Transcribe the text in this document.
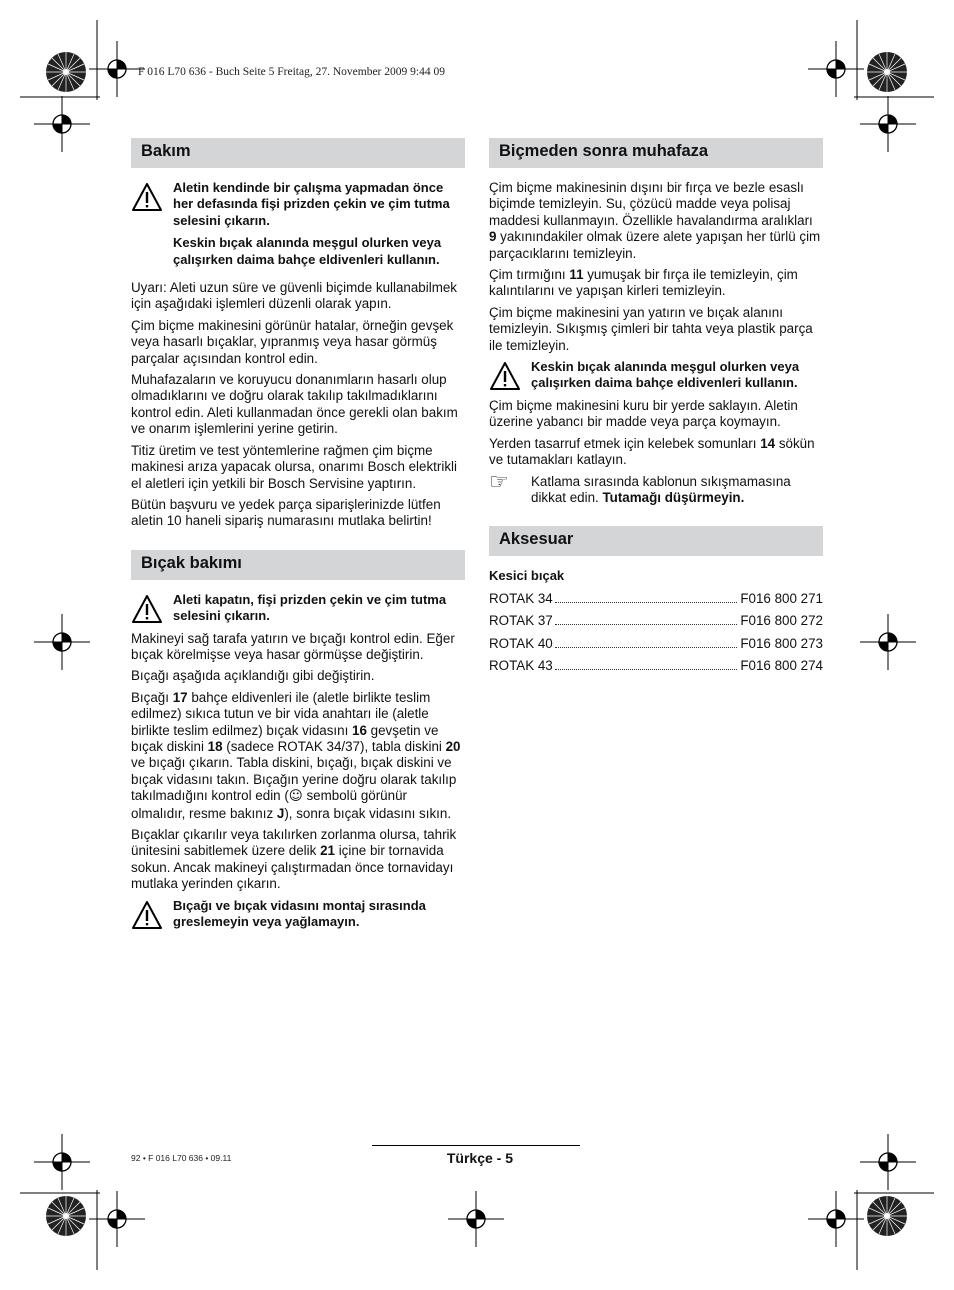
F 016 L70 636 - Buch Seite 5 Freitag, 27. November 2009 9:44 09
Bakım

Aletin kendinde bir çalışma yapmadan önce her defasında fişi prizden çekin ve çim tutma selesini çıkarın.

Keskin bıçak alanında meşgul olurken veya çalışırken daima bahçe eldivenleri kullanın.

Uyarı: Aleti uzun süre ve güvenli biçimde kullanabilmek için aşağıdaki işlemleri düzenli olarak yapın.

Çim biçme makinesini görünür hatalar, örneğin gevşek veya hasarlı bıçaklar, yıpranmış veya hasar görmüş parçalar açısından kontrol edin.

Muhafazaların ve koruyucu donanımların hasarlı olup olmadıklarını ve doğru olarak takılıp takılmadıklarını kontrol edin. Aleti kullanmadan önce gerekli olan bakım ve onarım işlemlerini yerine getirin.

Titiz üretim ve test yöntemlerine rağmen çim biçme makinesi arıza yapacak olursa, onarımı Bosch elektrikli el aletleri için yetkili bir Bosch Servisine yaptırın.

Bütün başvuru ve yedek parça siparişlerinizde lütfen aletin 10 haneli sipariş numarasını mutlaka belirtin!

Bıçak bakımı
Aleti kapatın, fişi prizden çekin ve çim tutma selesini çıkarın.

Makineyi sağ tarafa yatırın ve bıçağı kontrol edin. Eğer bıçak körelmişse veya hasar görmüşse değiştirin.

Bıçağı aşağıda açıklandığı gibi değiştirin.

Bıçağı 17 bahçe eldivenleri ile (aletle birlikte teslim edilmez) sıkıca tutun ve bir vida anahtarı ile (aletle birlikte teslim edilmez) bıçak vidasını 16 gevşetin ve bıçak diskini 18 (sadece ROTAK 34/37), tabla diskini 20 ve bıçağı çıkarın. Tabla diskini, bıçağı, bıçak diskini ve bıçak vidasını takın. Bıçağın yerine doğru olarak takılıp takılmadığını kontrol edin (☺ sembolü görünür olmalıdır, resme bakınız J), sonra bıçak vidasını sıkın.

Bıçaklar çıkarılır veya takılırken zorlanma olursa, tahrik ünitesini sabitlemek üzere delik 21 içine bir tornavida sokun. Ancak makineyi çalıştırmadan önce tornavidayı mutlaka yerinden çıkarın.

Bıçağı ve bıçak vidasını montaj sırasında greslemeyin veya yağlamayın.
Biçmeden sonra muhafaza

Çim biçme makinesinin dışını bir fırça ve bezle esaslı biçimde temizleyin. Su, çözücü madde veya polisaj maddesi kullanmayın. Özellikle havalandırma aralıkları 9 yakınındakiler olmak üzere alete yapışan her türlü çim parçacıklarını temizleyin.

Çim tırmığını 11 yumuşak bir fırça ile temizleyin, çim kalıntılarını ve yapışan kirleri temizleyin.

Çim biçme makinesini yan yatırın ve bıçak alanını temizleyin. Sıkışmış çimleri bir tahta veya plastik parça ile temizleyin.

Keskin bıçak alanında meşgul olurken veya çalışırken daima bahçe eldivenleri kullanın.

Çim biçme makinesini kuru bir yerde saklayın. Aletin üzerine yabancı bir madde veya parça koymayın.

Yerden tasarruf etmek için kelebek somunları 14 sökün ve tutamakları katlayın.

☞	Katlama sırasında kablonun sıkışmamasına dikkat edin. Tutamağı düşürmeyin.
Aksesuar
Kesici bıçak
ROTAK 34	F016 800 271
ROTAK 37	F016 800 272
ROTAK 40	F016 800 273
ROTAK 43	F016 800 274
92 • F 016 L70 636 • 09.11	Türkçe - 5
